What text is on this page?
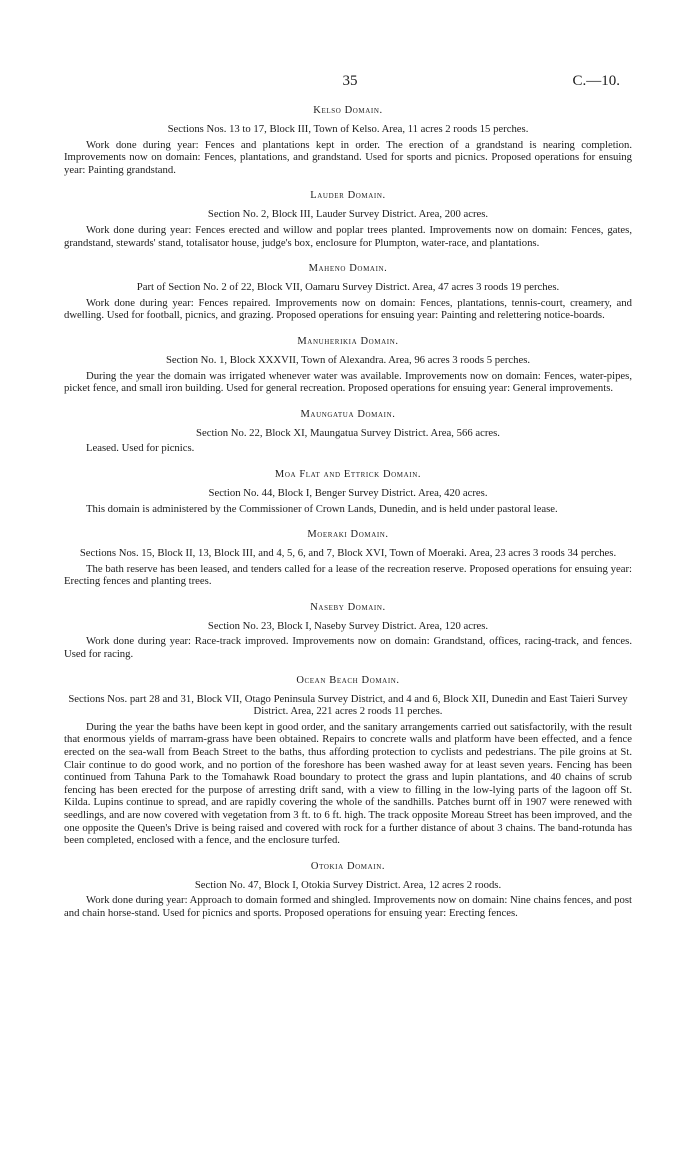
35	C.—10.
Kelso Domain.
Sections Nos. 13 to 17, Block III, Town of Kelso. Area, 11 acres 2 roods 15 perches.

Work done during year: Fences and plantations kept in order. The erection of a grandstand is nearing completion. Improvements now on domain: Fences, plantations, and grandstand. Used for sports and picnics. Proposed operations for ensuing year: Painting grandstand.

Lauder Domain.
Section No. 2, Block III, Lauder Survey District. Area, 200 acres.

Work done during year: Fences erected and willow and poplar trees planted. Improvements now on domain: Fences, gates, grandstand, stewards' stand, totalisator house, judge's box, enclosure for Plumpton, water-race, and plantations.

Maheno Domain.
Part of Section No. 2 of 22, Block VII, Oamaru Survey District. Area, 47 acres 3 roods 19 perches.

Work done during year: Fences repaired. Improvements now on domain: Fences, plantations, tennis-court, creamery, and dwelling. Used for football, picnics, and grazing. Proposed operations for ensuing year: Painting and relettering notice-boards.

Manuherikia Domain.
Section No. 1, Block XXXVII, Town of Alexandra. Area, 96 acres 3 roods 5 perches.

During the year the domain was irrigated whenever water was available. Improvements now on domain: Fences, water-pipes, picket fence, and small iron building. Used for general recreation. Proposed operations for ensuing year: General improvements.

Maungatua Domain.
Section No. 22, Block XI, Maungatua Survey District. Area, 566 acres.

Leased. Used for picnics.

Moa Flat and Ettrick Domain.
Section No. 44, Block I, Benger Survey District. Area, 420 acres.

This domain is administered by the Commissioner of Crown Lands, Dunedin, and is held under pastoral lease.

Moeraki Domain.
Sections Nos. 15, Block II, 13, Block III, and 4, 5, 6, and 7, Block XVI, Town of Moeraki. Area, 23 acres 3 roods 34 perches.

The bath reserve has been leased, and tenders called for a lease of the recreation reserve. Proposed operations for ensuing year: Erecting fences and planting trees.

Naseby Domain.
Section No. 23, Block I, Naseby Survey District. Area, 120 acres.

Work done during year: Race-track improved. Improvements now on domain: Grandstand, offices, racing-track, and fences. Used for racing.

Ocean Beach Domain.
Sections Nos. part 28 and 31, Block VII, Otago Peninsula Survey District, and 4 and 6, Block XII, Dunedin and East Taieri Survey District. Area, 221 acres 2 roods 11 perches.

During the year the baths have been kept in good order, and the sanitary arrangements carried out satisfactorily, with the result that enormous yields of marram-grass have been obtained. Repairs to concrete walls and platform have been effected, and a fence erected on the sea-wall from Beach Street to the baths, thus affording protection to cyclists and pedestrians. The pile groins at St. Clair continue to do good work, and no portion of the foreshore has been washed away for at least seven years. Fencing has been continued from Tahuna Park to the Tomahawk Road boundary to protect the grass and lupin plantations, and 40 chains of scrub fencing has been erected for the purpose of arresting drift sand, with a view to filling in the low-lying parts of the lagoon off St. Kilda. Lupins continue to spread, and are rapidly covering the whole of the sandhills. Patches burnt off in 1907 were renewed with seedlings, and are now covered with vegetation from 3 ft. to 6 ft. high. The track opposite Moreau Street has been improved, and the one opposite the Queen's Drive is being raised and covered with rock for a further distance of about 3 chains. The band-rotunda has been completed, enclosed with a fence, and the enclosure turfed.

Otokia Domain.
Section No. 47, Block I, Otokia Survey District. Area, 12 acres 2 roods.

Work done during year: Approach to domain formed and shingled. Improvements now on domain: Nine chains fences, and post and chain horse-stand. Used for picnics and sports. Proposed operations for ensuing year: Erecting fences.
